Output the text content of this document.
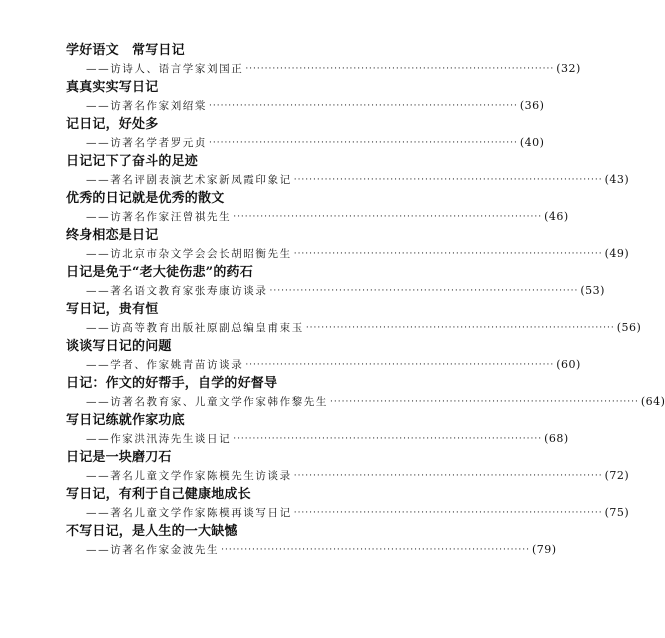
学好语文　常写日记
——访诗人、语言学家刘国正 ················································································ (32)
真真实实写日记
——访著名作家刘绍棠 ················································································ (36)
记日记，好处多
——访著名学者罗元贞 ················································································ (40)
日记记下了奋斗的足迹
——著名评剧表演艺术家新凤霞印象记 ················································································ (43)
优秀的日记就是优秀的散文
——访著名作家汪曾祺先生 ················································································ (46)
终身相恋是日记
——访北京市杂文学会会长胡昭衡先生 ················································································ (49)
日记是免于“老大徒伤悲”的药石
——著名语文教育家张寿康访谈录 ················································································ (53)
写日记，贵有恒
——访高等教育出版社原副总编皇甫束玉 ················································································ (56)
谈谈写日记的问题
——学者、作家姚青苗访谈录 ················································································ (60)
日记：作文的好帮手，自学的好督导
——访著名教育家、儿童文学作家韩作黎先生 ················································································ (64)
写日记练就作家功底
——作家洪汛涛先生谈日记 ················································································ (68)
日记是一块磨刀石
——著名儿童文学作家陈模先生访谈录 ················································································ (72)
写日记，有利于自己健康地成长
——著名儿童文学作家陈模再谈写日记 ················································································ (75)
不写日记，是人生的一大缺憾
——访著名作家金波先生 ················································································ (79)
